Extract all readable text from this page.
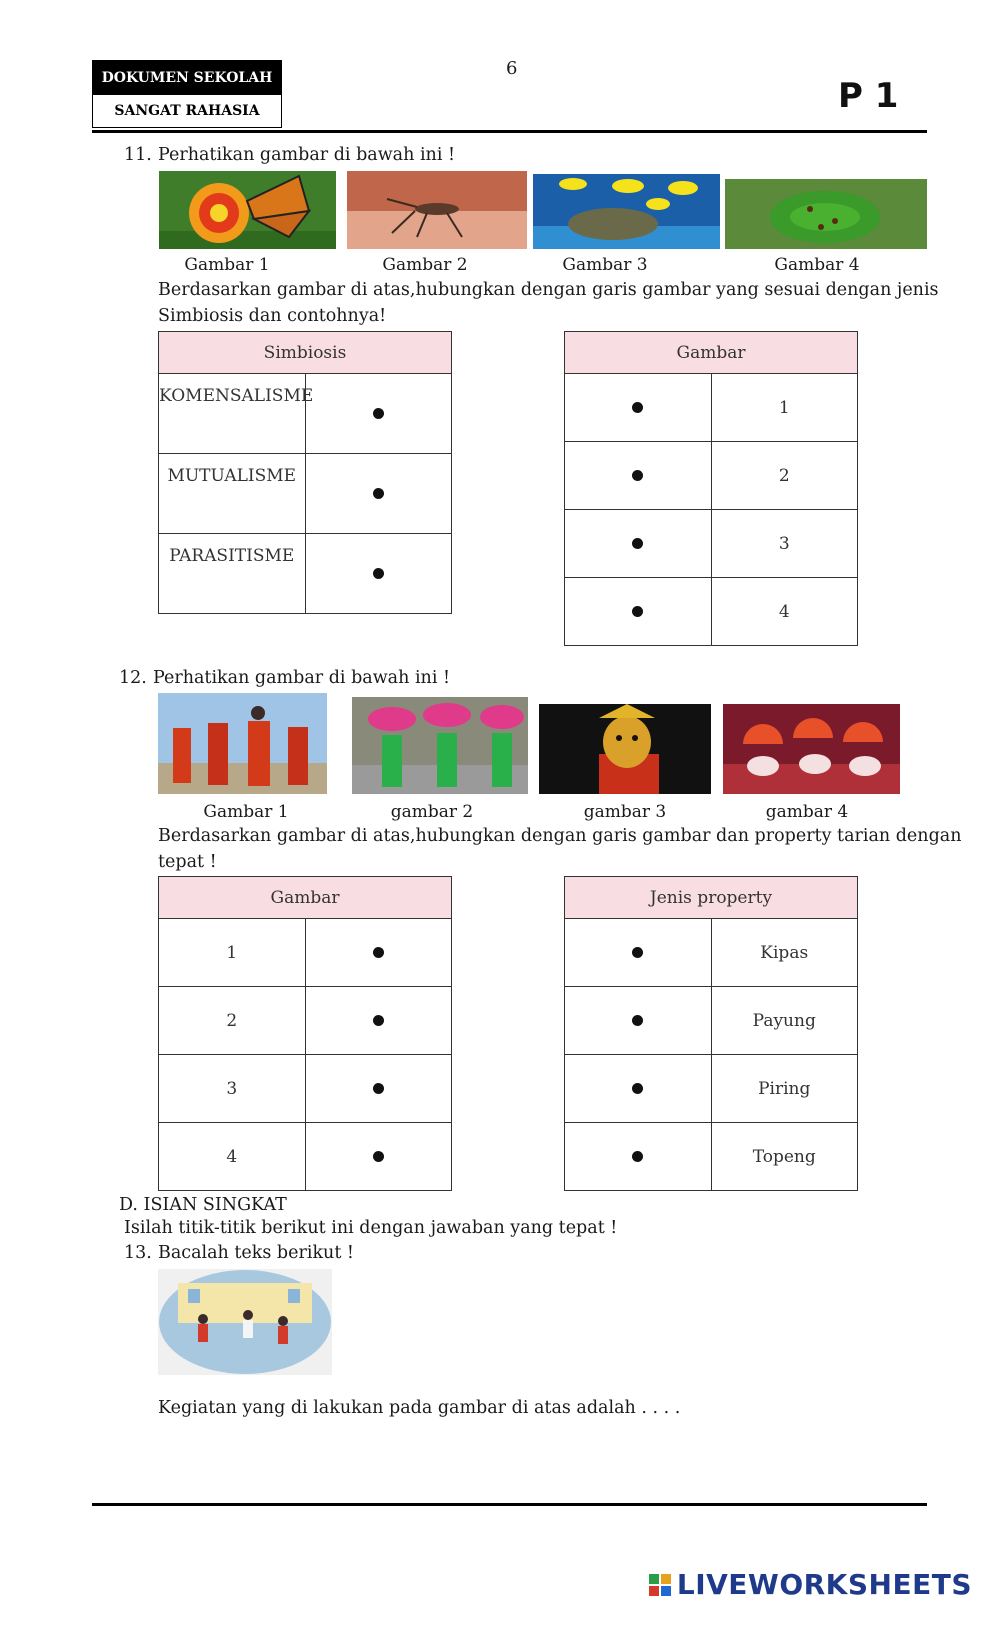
DOKUMEN SEKOLAH
SANGAT RAHASIA
6
P 1
11. Perhatikan gambar di bawah ini !
Gambar 1	Gambar 2	Gambar 3	Gambar 4
Berdasarkan gambar di atas,hubungkan dengan garis gambar yang sesuai dengan jenis
Simbiosis dan contohnya!
Simbiosis	
KOMENSALISME	
MUTUALISME	
PARASITISME	
Gambar	
	1
	2
	3
	4
12. Perhatikan gambar di bawah ini !
Gambar 1	gambar 2	gambar 3	gambar 4
Berdasarkan gambar di atas,hubungkan dengan garis gambar dan property tarian dengan
tepat !
Gambar	
1	
2	
3	
4	
Jenis property	
	Kipas
	Payung
	Piring
	Topeng
D. ISIAN SINGKAT
Isilah titik-titik berikut ini dengan jawaban yang tepat !
13. Bacalah teks berikut !
Kegiatan yang di lakukan pada gambar di atas adalah . . . .
LIVEWORKSHEETS
